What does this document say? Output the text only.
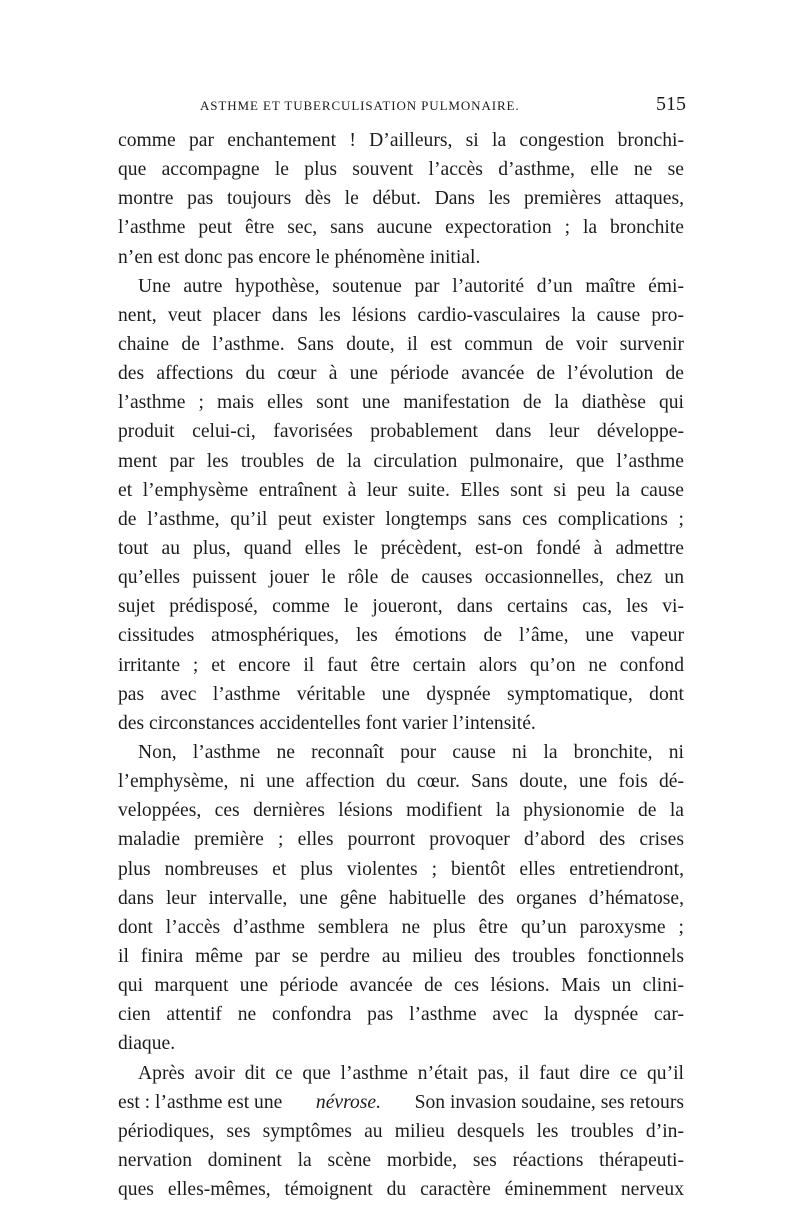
ASTHME ET TUBERCULISATION PULMONAIRE.	515
comme par enchantement ! D’ailleurs, si la congestion bronchi-
que accompagne le plus souvent l’accès d’asthme, elle ne se
montre pas toujours dès le début. Dans les premières attaques,
l’asthme peut être sec, sans aucune expectoration ; la bronchite
n’en est donc pas encore le phénomène initial.
Une autre hypothèse, soutenue par l’autorité d’un maître émi-
nent, veut placer dans les lésions cardio-vasculaires la cause pro-
chaine de l’asthme. Sans doute, il est commun de voir survenir
des affections du cœur à une période avancée de l’évolution de
l’asthme ; mais elles sont une manifestation de la diathèse qui
produit celui-ci, favorisées probablement dans leur développe-
ment par les troubles de la circulation pulmonaire, que l’asthme
et l’emphysème entraînent à leur suite. Elles sont si peu la cause
de l’asthme, qu’il peut exister longtemps sans ces complications ;
tout au plus, quand elles le précèdent, est-on fondé à admettre
qu’elles puissent jouer le rôle de causes occasionnelles, chez un
sujet prédisposé, comme le joueront, dans certains cas, les vi-
cissitudes atmosphériques, les émotions de l’âme, une vapeur
irritante ; et encore il faut être certain alors qu’on ne confond
pas avec l’asthme véritable une dyspnée symptomatique, dont
des circonstances accidentelles font varier l’intensité.
Non, l’asthme ne reconnaît pour cause ni la bronchite, ni
l’emphysème, ni une affection du cœur. Sans doute, une fois dé-
veloppées, ces dernières lésions modifient la physionomie de la
maladie première ; elles pourront provoquer d’abord des crises
plus nombreuses et plus violentes ; bientôt elles entretiendront,
dans leur intervalle, une gêne habituelle des organes d’hématose,
dont l’accès d’asthme semblera ne plus être qu’un paroxysme ;
il finira même par se perdre au milieu des troubles fonctionnels
qui marquent une période avancée de ces lésions. Mais un clini-
cien attentif ne confondra pas l’asthme avec la dyspnée car-
diaque.
Après avoir dit ce que l’asthme n’était pas, il faut dire ce qu’il
est : l’asthme est une névrose. Son invasion soudaine, ses retours
périodiques, ses symptômes au milieu desquels les troubles d’in-
nervation dominent la scène morbide, ses réactions thérapeuti-
ques elles-mêmes, témoignent du caractère éminemment nerveux
